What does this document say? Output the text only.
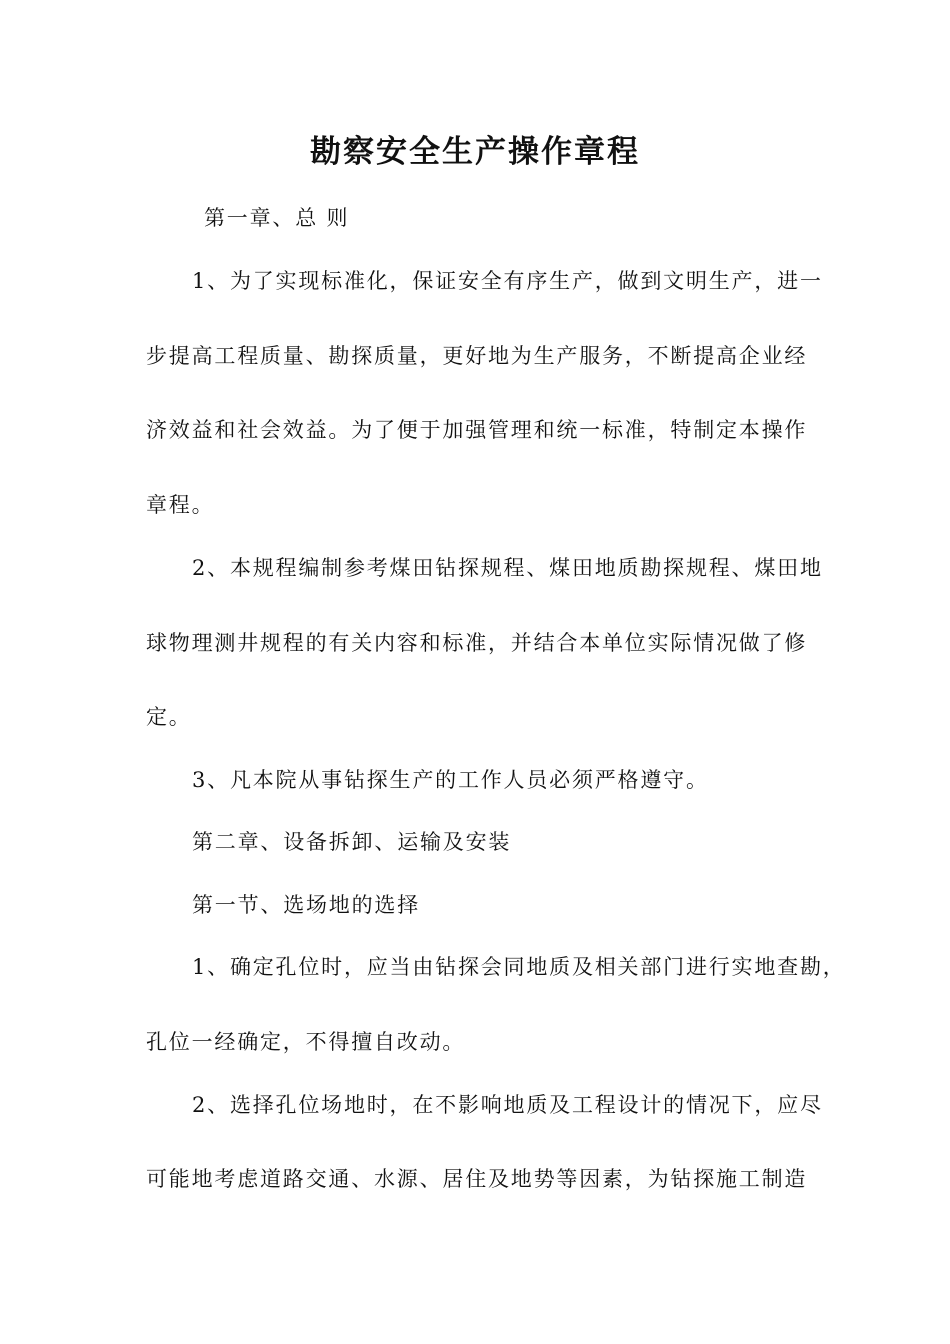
勘察安全生产操作章程

第一章、总 则

1、为了实现标准化，保证安全有序生产，做到文明生产，进一

步提高工程质量、勘探质量，更好地为生产服务，不断提高企业经

济效益和社会效益。为了便于加强管理和统一标准，特制定本操作

章程。

2、本规程编制参考煤田钻探规程、煤田地质勘探规程、煤田地

球物理测井规程的有关内容和标准，并结合本单位实际情况做了修

定。

3、凡本院从事钻探生产的工作人员必须严格遵守。

第二章、设备拆卸、运输及安装

第一节、选场地的选择

1、确定孔位时，应当由钻探会同地质及相关部门进行实地查勘，

孔位一经确定，不得擅自改动。

2、选择孔位场地时，在不影响地质及工程设计的情况下，应尽

可能地考虑道路交通、水源、居住及地势等因素，为钻探施工制造
